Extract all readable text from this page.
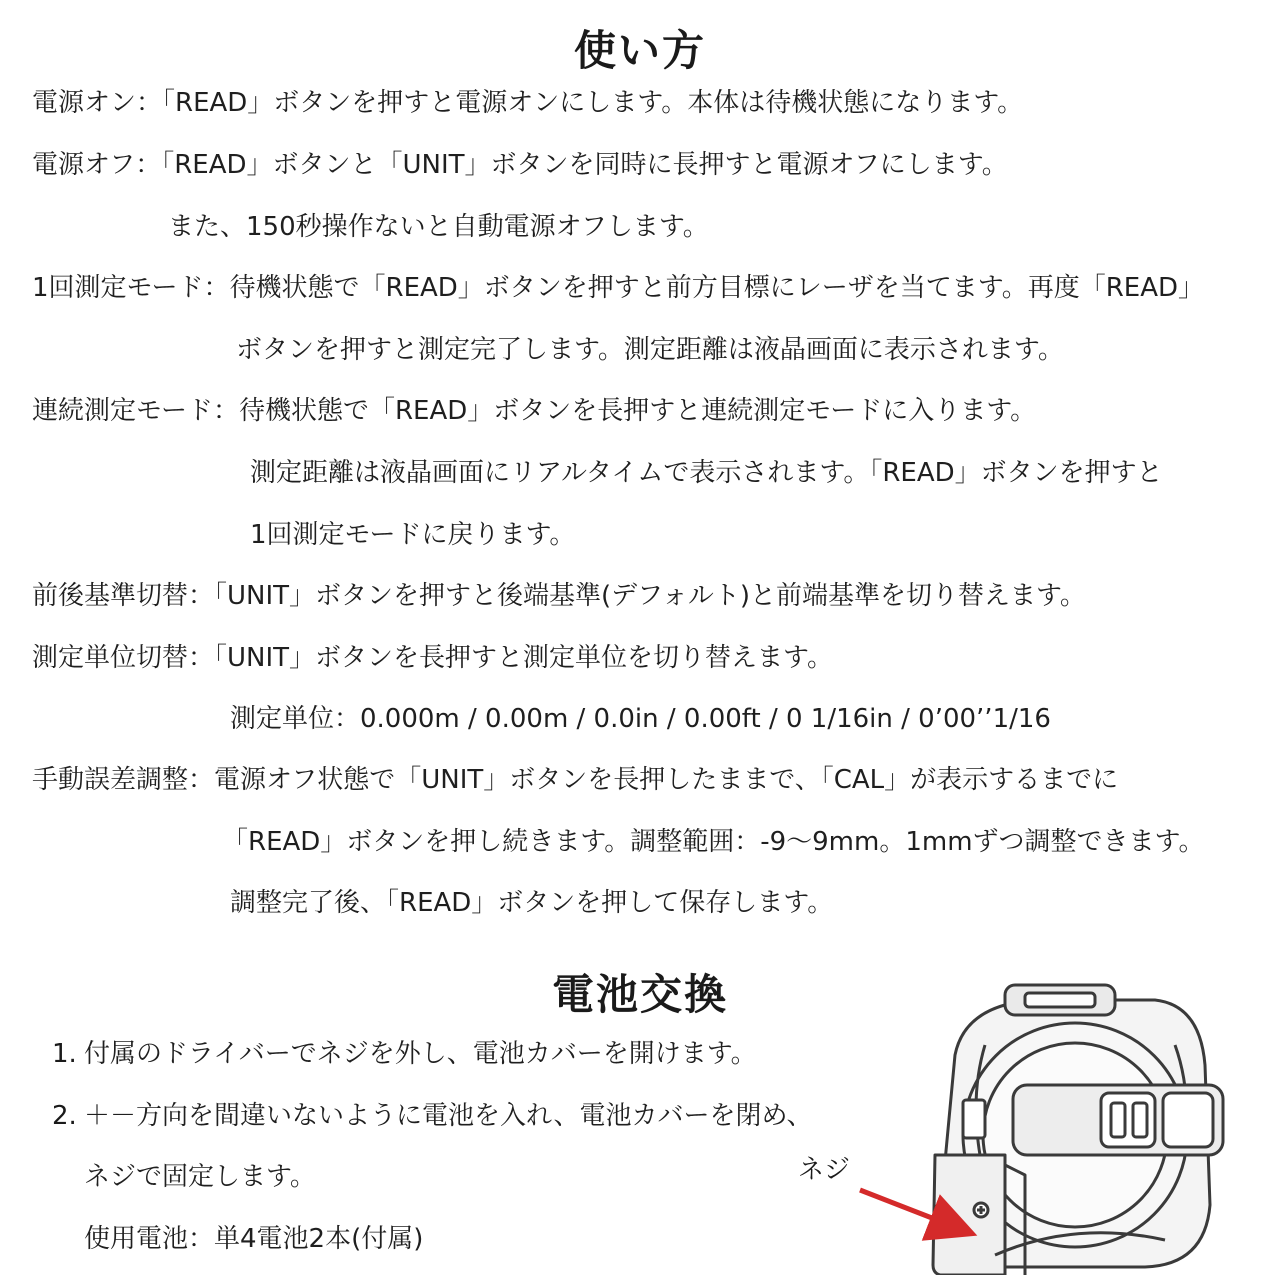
使い方
電源オン：「READ」ボタンを押すと電源オンにします。本体は待機状態になります。
電源オフ：「READ」ボタンと「UNIT」ボタンを同時に長押すと電源オフにします。
また、150秒操作ないと自動電源オフします。
1回測定モード：待機状態で「READ」ボタンを押すと前方目標にレーザを当てます。再度「READ」
ボタンを押すと測定完了します。測定距離は液晶画面に表示されます。
連続測定モード：待機状態で「READ」ボタンを長押すと連続測定モードに入ります。
測定距離は液晶画面にリアルタイムで表示されます。「READ」ボタンを押すと
1回測定モードに戻ります。
前後基準切替：「UNIT」ボタンを押すと後端基準(デフォルト)と前端基準を切り替えます。
測定単位切替：「UNIT」ボタンを長押すと測定単位を切り替えます。
測定単位：0.000m / 0.00m / 0.0in / 0.00ft / 0 1/16in / 0’00’’1/16
手動誤差調整：電源オフ状態で「UNIT」ボタンを長押したままで、「CAL」が表示するまでに
「READ」ボタンを押し続きます。調整範囲：-9～9mm。1mmずつ調整できます。
調整完了後、「READ」ボタンを押して保存します。
電池交換
1. 付属のドライバーでネジを外し、電池カバーを開けます。
2. ＋－方向を間違いないように電池を入れ、電池カバーを閉め、
ネジで固定します。
使用電池：単4電池2本(付属)
ネジ
